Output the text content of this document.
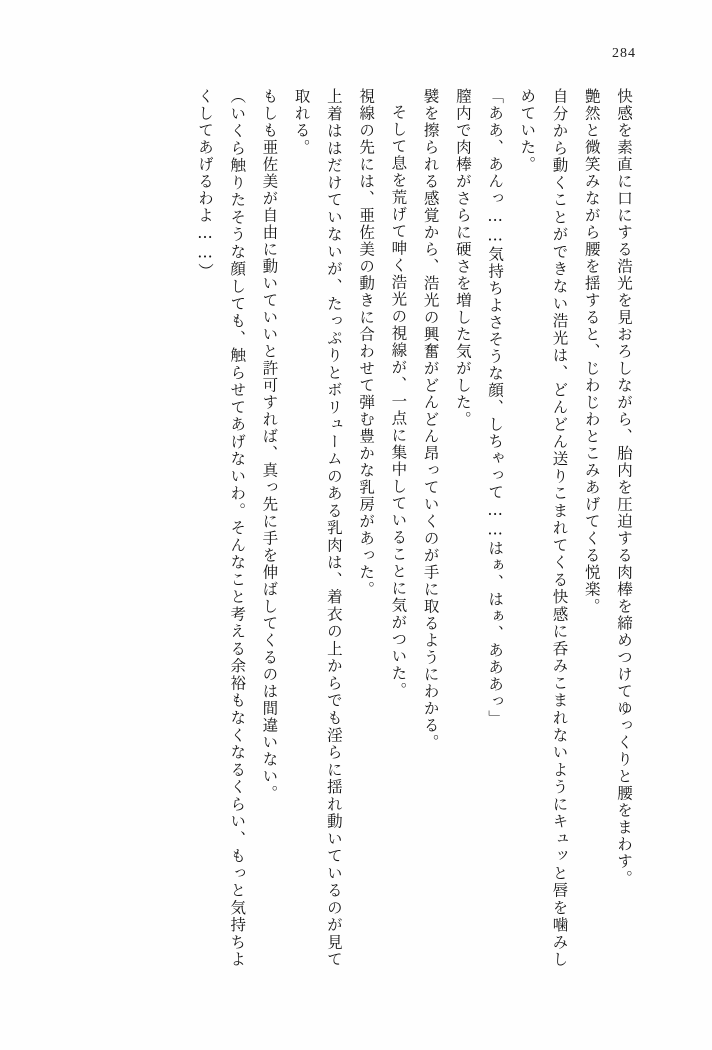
284

快感を素直に口にする浩光を見おろしながら、胎内を圧迫する肉棒を締めつけてゆっくりと腰をまわす。

艶然と微笑みながら腰を揺すると、じわじわとこみあげてくる悦楽。

自分から動くことができない浩光は、どんどん送りこまれてくる快感に呑みこまれないようにキュッと唇を噛みしめていた。

「ああ、あんっ……気持ちよさそうな顔、しちゃって……はぁ、はぁ、あああっ」

膣内で肉棒がさらに硬さを増した気がした。

襞を擦られる感覚から、浩光の興奮がどんどん昂っていくのが手に取るようにわかる。

そして息を荒げて呻く浩光の視線が、一点に集中していることに気がついた。

視線の先には、亜佐美の動きに合わせて弾む豊かな乳房があった。

上着ははだけていないが、たっぷりとボリュームのある乳肉は、着衣の上からでも淫らに揺れ動いているのが見て取れる。

もしも亜佐美が自由に動いていいと許可すれば、真っ先に手を伸ばしてくるのは間違いない。

（いくら触りたそうな顔しても、触らせてあげないわ。そんなこと考える余裕もなくなるくらい、もっと気持ちよくしてあげるわよ……）
